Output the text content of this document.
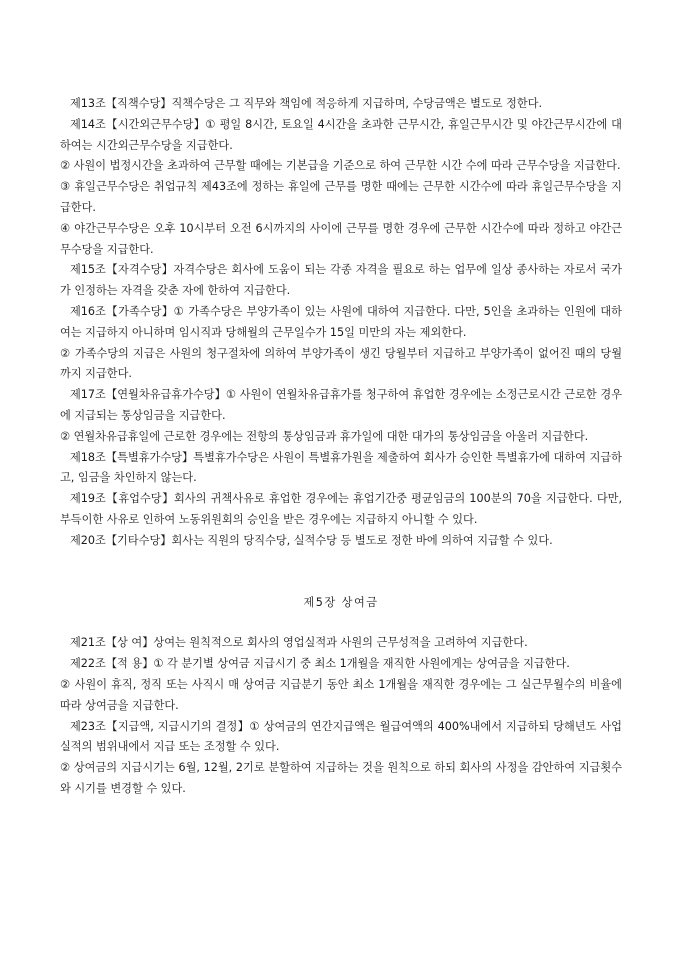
제13조【직책수당】직책수당은 그 직무와 책임에 적응하게 지급하며, 수당금액은 별도로 정한다.

제14조【시간외근무수당】① 평일 8시간, 토요일 4시간을 초과한 근무시간, 휴일근무시간 및 야간근무시간에 대하여는 시간외근무수당을 지급한다.

② 사원이 법정시간을 초과하여 근무할 때에는 기본급을 기준으로 하여 근무한 시간 수에 따라 근무수당을 지급한다.

③ 휴일근무수당은 취업규칙 제43조에 정하는 휴일에 근무를 명한 때에는 근무한 시간수에 따라 휴일근무수당을 지급한다.

④ 야간근무수당은 오후 10시부터 오전 6시까지의 사이에 근무를 명한 경우에 근무한 시간수에 따라 정하고 야간근무수당을 지급한다.

제15조【자격수당】자격수당은 회사에 도움이 되는 각종 자격을 필요로 하는 업무에 일상 종사하는 자로서 국가가 인정하는 자격을 갖춘 자에 한하여 지급한다.

제16조【가족수당】① 가족수당은 부양가족이 있는 사원에 대하여 지급한다. 다만, 5인을 초과하는 인원에 대하여는 지급하지 아니하며 임시직과 당해월의 근무일수가 15일 미만의 자는 제외한다.

② 가족수당의 지급은 사원의 청구절차에 의하여 부양가족이 생긴 당월부터 지급하고 부양가족이 없어진 때의 당월까지 지급한다.

제17조【연월차유급휴가수당】① 사원이 연월차유급휴가를 청구하여 휴업한 경우에는 소정근로시간 근로한 경우에 지급되는 통상임금을 지급한다.

② 연월차유급휴일에 근로한 경우에는 전항의 통상임금과 휴가일에 대한 대가의 통상임금을 아울러 지급한다.

제18조【특별휴가수당】특별휴가수당은 사원이 특별휴가원을 제출하여 회사가 승인한 특별휴가에 대하여 지급하고, 임금을 차인하지 않는다.

제19조【휴업수당】회사의 귀책사유로 휴업한 경우에는 휴업기간중 평균임금의 100분의 70을 지급한다. 다만, 부득이한 사유로 인하여 노동위원회의 승인을 받은 경우에는 지급하지 아니할 수 있다.

제20조【기타수당】회사는 직원의 당직수당, 실적수당 등 별도로 정한 바에 의하여 지급할 수 있다.

제5장 상여금

제21조【상 여】상여는 원칙적으로 회사의 영업실적과 사원의 근무성적을 고려하여 지급한다.

제22조【적 용】① 각 분기별 상여금 지급시기 중 최소 1개월을 재직한 사원에게는 상여금을 지급한다.

② 사원이 휴직, 정직 또는 사직시 매 상여금 지급분기 동안 최소 1개월을 재직한 경우에는 그 실근무월수의 비율에 따라 상여금을 지급한다.

제23조【지급액, 지급시기의 결정】① 상여금의 연간지급액은 월급여액의 400%내에서 지급하되 당해년도 사업실적의 범위내에서 지급 또는 조정할 수 있다.

② 상여금의 지급시기는 6월, 12월, 2기로 분할하여 지급하는 것을 원칙으로 하되 회사의 사정을 감안하여 지급횟수와 시기를 변경할 수 있다.
